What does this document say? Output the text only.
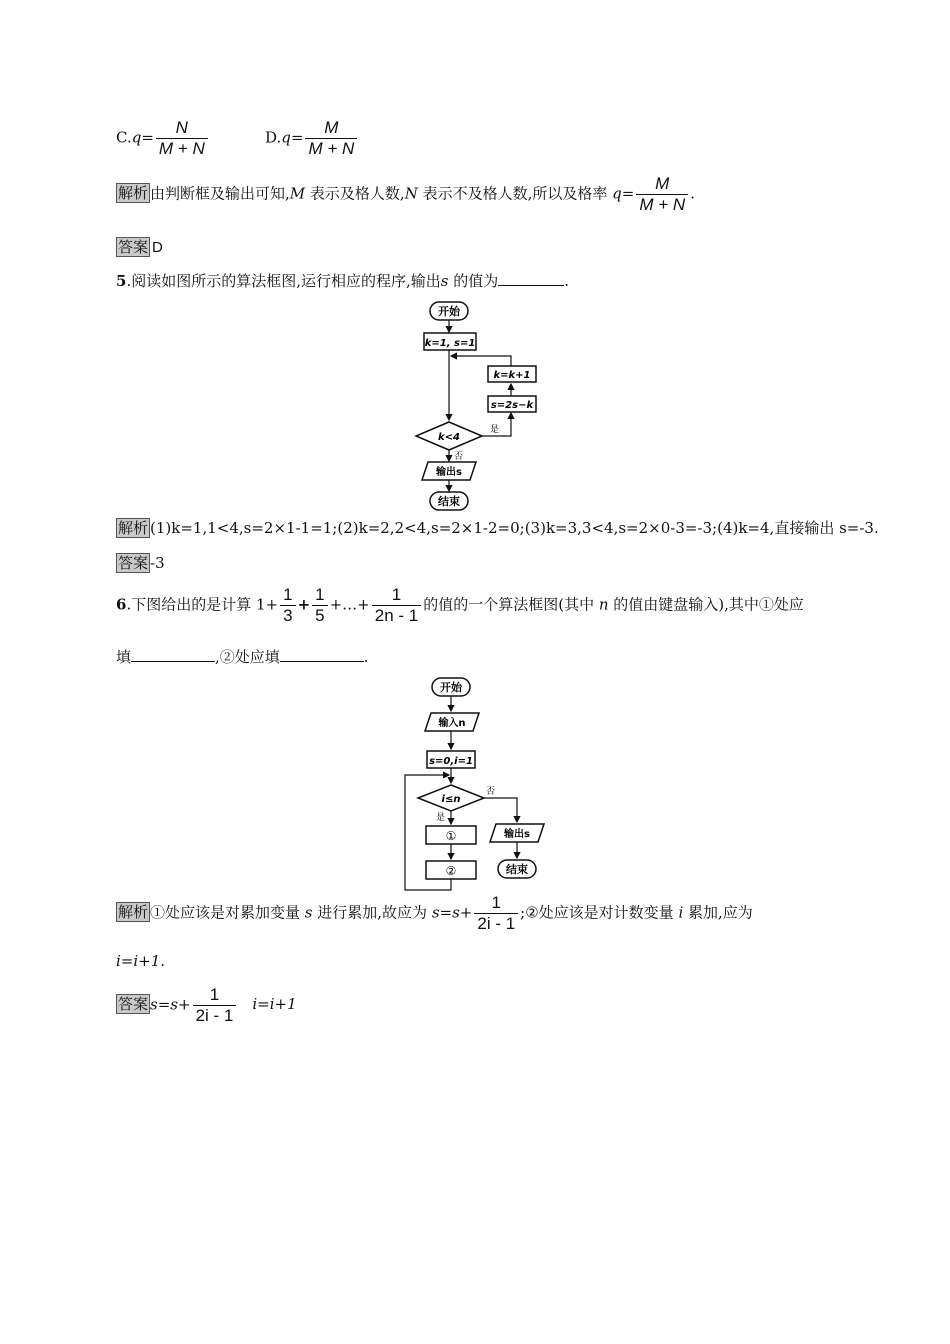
$C.q= \frac{N}{M + N}$	$D.q= \frac{M}{M + N}$
解析 由判断框及输出可知,M 表示及格人数,N 表示不及格人数,所以及格率 $q= \frac{M}{M + N}$ .
答案 D
5.阅读如图所示的算法框图,运行相应的程序,输出s 的值为	.
开始
k=1, s=1
k<4
是
s=2s−k
k=k+1
否
输出s
结束
解析 (1)k=1,1<4,s=2×1-1=1;(2)k=2,2<4,s=2×1-2=0;(3)k=3,3<4,s=2×0-3=-3;(4)k=4,直接输出 s=-3.
答案 -3
6.下图给出的是计算 $1+ \frac{1}{3} + \frac{1}{5}$ +…+ $\frac{1}{2n - 1}$ 的值的一个算法框图(其中 n 的值由键盘输入),其中①处应
填	,②处应填	.
开始
输入n
s=0,i=1
i≤n
否
是
①
②
输出s
结束
解析 ①处应该是对累加变量 s 进行累加,故应为 $s=s+ \frac{1}{2i - 1}$ ;②处应该是对计数变量 i 累加,应为
i=i+1.
答案 $s=s+ \frac{1}{2i - 1} i=i+1$
